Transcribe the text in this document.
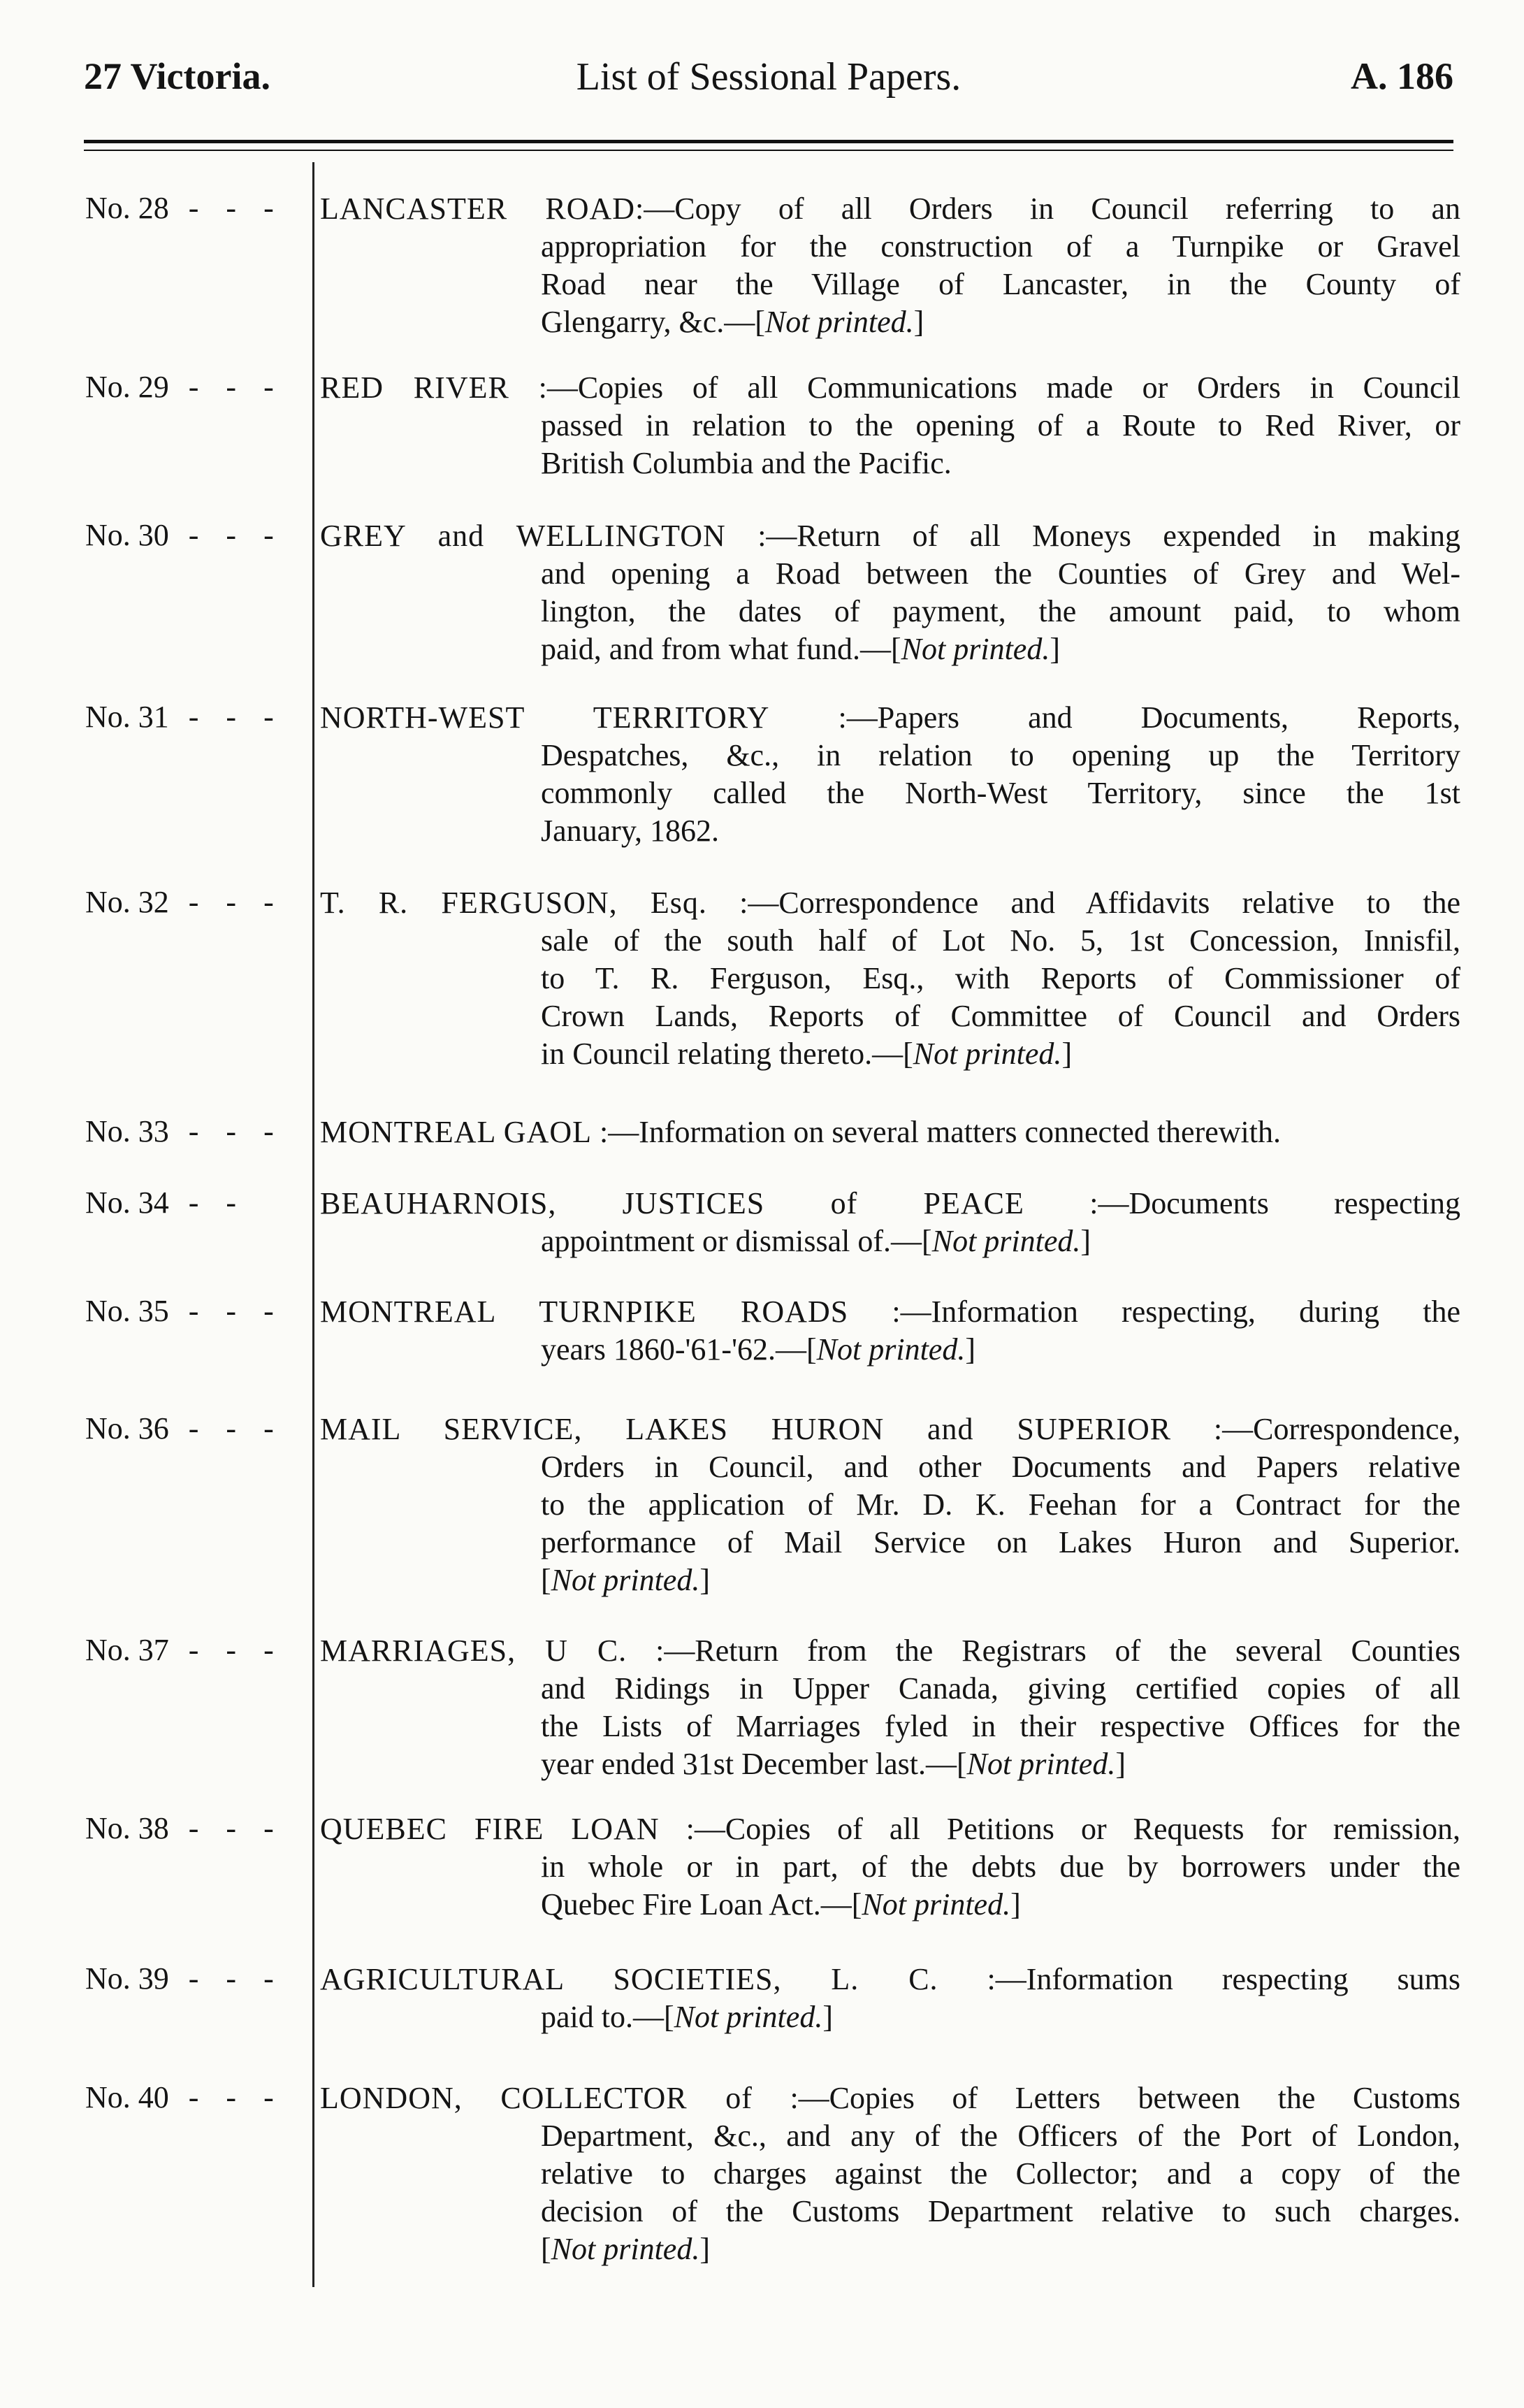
27 Victoria.	List of Sessional Papers.	A. 186
No. 28 - - - LANCASTER ROAD:—Copy of all Orders in Council referring to an
appropriation for the construction of a Turnpike or Gravel
Road near the Village of Lancaster, in the County of
Glengarry, &c.—[Not printed.]
No. 29 - - - RED RIVER :—Copies of all Communications made or Orders in Council
passed in relation to the opening of a Route to Red River, or
British Columbia and the Pacific.
No. 30 - - - GREY and WELLINGTON :—Return of all Moneys expended in making
and opening a Road between the Counties of Grey and Wel-
lington, the dates of payment, the amount paid, to whom
paid, and from what fund.—[Not printed.]
No. 31 - - - NORTH-WEST TERRITORY :—Papers and Documents, Reports,
Despatches, &c., in relation to opening up the Territory
commonly called the North-West Territory, since the 1st
January, 1862.
No. 32 - - - T. R. FERGUSON, Esq. :—Correspondence and Affidavits relative to the
sale of the south half of Lot No. 5, 1st Concession, Innisfil,
to T. R. Ferguson, Esq., with Reports of Commissioner of
Crown Lands, Reports of Committee of Council and Orders
in Council relating thereto.—[Not printed.]
No. 33 - - - MONTREAL GAOL :—Information on several matters connected therewith.
No. 34 - - BEAUHARNOIS, JUSTICES of PEACE :—Documents respecting
appointment or dismissal of.—[Not printed.]
No. 35 - - - MONTREAL TURNPIKE ROADS :—Information respecting, during the
years 1860-'61-'62.—[Not printed.]
No. 36 - - - MAIL SERVICE, LAKES HURON and SUPERIOR :—Correspondence,
Orders in Council, and other Documents and Papers relative
to the application of Mr. D. K. Feehan for a Contract for the
performance of Mail Service on Lakes Huron and Superior.
[Not printed.]
No. 37 - - - MARRIAGES, U C. :—Return from the Registrars of the several Counties
and Ridings in Upper Canada, giving certified copies of all
the Lists of Marriages fyled in their respective Offices for the
year ended 31st December last.—[Not printed.]
No. 38 - - - QUEBEC FIRE LOAN :—Copies of all Petitions or Requests for remission,
in whole or in part, of the debts due by borrowers under the
Quebec Fire Loan Act.—[Not printed.]
No. 39 - - - AGRICULTURAL SOCIETIES, L. C. :—Information respecting sums
paid to.—[Not printed.]
No. 40 - - - LONDON, COLLECTOR of :—Copies of Letters between the Customs
Department, &c., and any of the Officers of the Port of London,
relative to charges against the Collector; and a copy of the
decision of the Customs Department relative to such charges.
[Not printed.]
